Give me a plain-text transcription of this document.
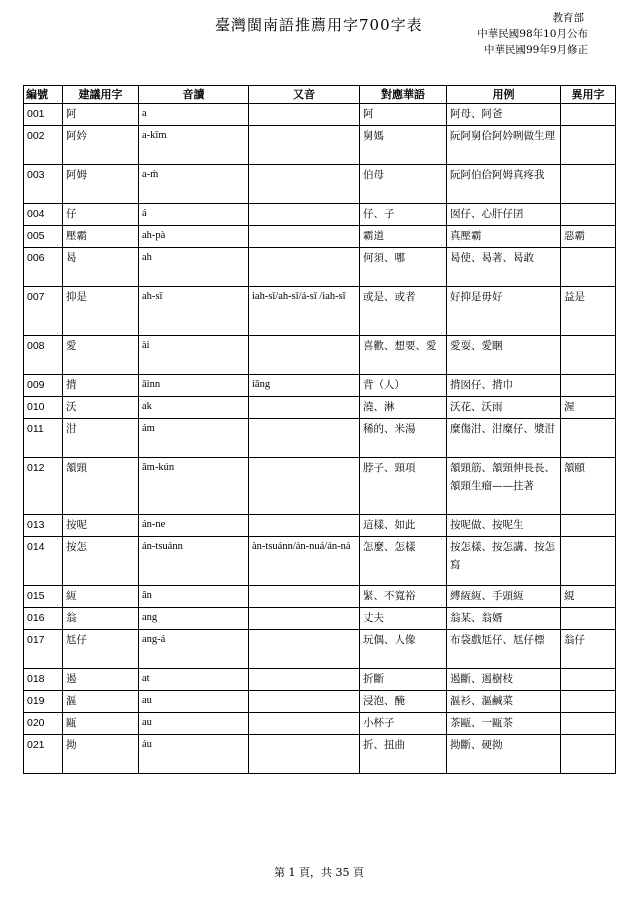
臺灣閩南語推薦用字700字表	教育部
中華民國98年10月公布
中華民國99年9月修正
編號	建議用字	音讀	又音	對應華語	用例	異用字
001	阿	a		阿	阿母、阿爸	
002	阿妗	a-kīm		舅媽	阮阿舅佮阿妗咧做生理	
003	阿姆	a-ḿ		伯母	阮阿伯佮阿姆真疼我	
004	仔	á		仔、子	囡仔、心肝仔囝	
005	壓霸	ah-pà		霸道	真壓霸	惡霸
006	曷	ah		何須、哪	曷使、曷著、曷敢	
007	抑是	ah-sī	iah-sī/ah-sī/á-sī /iah-sī	或是、或者	好抑是毋好	益是
008	愛	ài		喜歡、想要、愛	愛耍、愛睏	
009	揹	āinn	iāng	背（人）	揹囡仔、揹巾	
010	沃	ak		澆、淋	沃花、沃雨	渥
011	泔	ám		稀的、米湯	糜傷泔、泔糜仔、漿泔	
012	頷頸	ām-kún		脖子、頸項	頷頸筋、頷頸伸長長、頷頸生瘤——拄著	頷頤
013	按呢	án-ne		這樣、如此	按呢做、按呢生	
014	按怎	án-tsuánn	àn-tsuánn/án-nuá/án-ná	怎麼、怎樣	按怎樣、按怎講、按怎寫	
015	絚	ân		緊、不寬裕	縛絚絚、手頭絚	絸
016	翁	ang		丈夫	翁某、翁婿	
017	尪仔	ang-á		玩偶、人像	布袋戲尪仔、尪仔標	翁仔
018	遏	at		折斷	遏斷、遏樹枝	
019	漚	au		浸泡、醃	漚衫、漚鹹菜	
020	甌	au		小杯子	茶甌、一甌茶	
021	拗	áu		折、扭曲	拗斷、硬拗	
第 1 頁，共 35 頁
